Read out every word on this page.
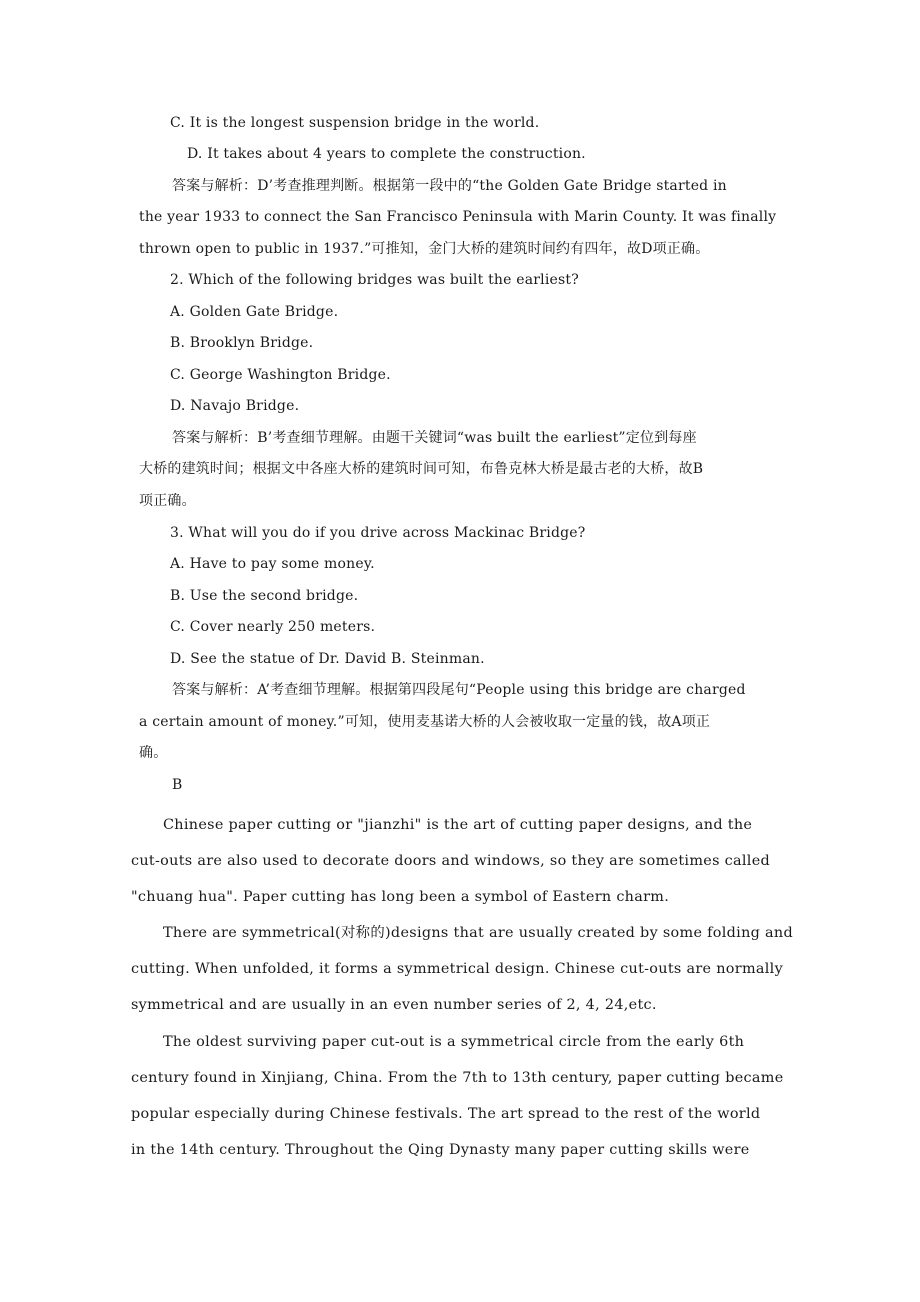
C. It is the longest suspension bridge in the world.

D. It takes about 4 years to complete the construction.

答案与解析：D’考查推理判断。根据第一段中的“the Golden Gate Bridge started in

the year 1933 to connect the San Francisco Peninsula with Marin County. It was finally

thrown open to public in 1937.”可推知，金门大桥的建筑时间约有四年，故D项正确。

2. Which of the following bridges was built the earliest?

A. Golden Gate Bridge.

B. Brooklyn Bridge.

C. George Washington Bridge.

D. Navajo Bridge.

答案与解析：B’考查细节理解。由题干关键词“was built the earliest”定位到每座

大桥的建筑时间；根据文中各座大桥的建筑时间可知，布鲁克林大桥是最古老的大桥，故B

项正确。

3. What will you do if you drive across Mackinac Bridge?

A. Have to pay some money.

B. Use the second bridge.

C. Cover nearly 250 meters.

D. See the statue of Dr. David B. Steinman.

答案与解析：A’考查细节理解。根据第四段尾句“People using this bridge are charged

a certain amount of money.”可知，使用麦基诺大桥的人会被收取一定量的钱，故A项正

确。

B

Chinese paper cutting or "jianzhi" is the art of cutting paper designs, and the

cut-outs are also used to decorate doors and windows, so they are sometimes called

"chuang hua". Paper cutting has long been a symbol of Eastern charm.

There are symmetrical(对称的)designs that are usually created by some folding and

cutting. When unfolded, it forms a symmetrical design. Chinese cut-outs are normally

symmetrical and are usually in an even number series of 2, 4, 24,etc.

The oldest surviving paper cut-out is a symmetrical circle from the early 6th

century found in Xinjiang, China. From the 7th to 13th century, paper cutting became

popular especially during Chinese festivals. The art spread to the rest of the world

in the 14th century. Throughout the Qing Dynasty many paper cutting skills were
